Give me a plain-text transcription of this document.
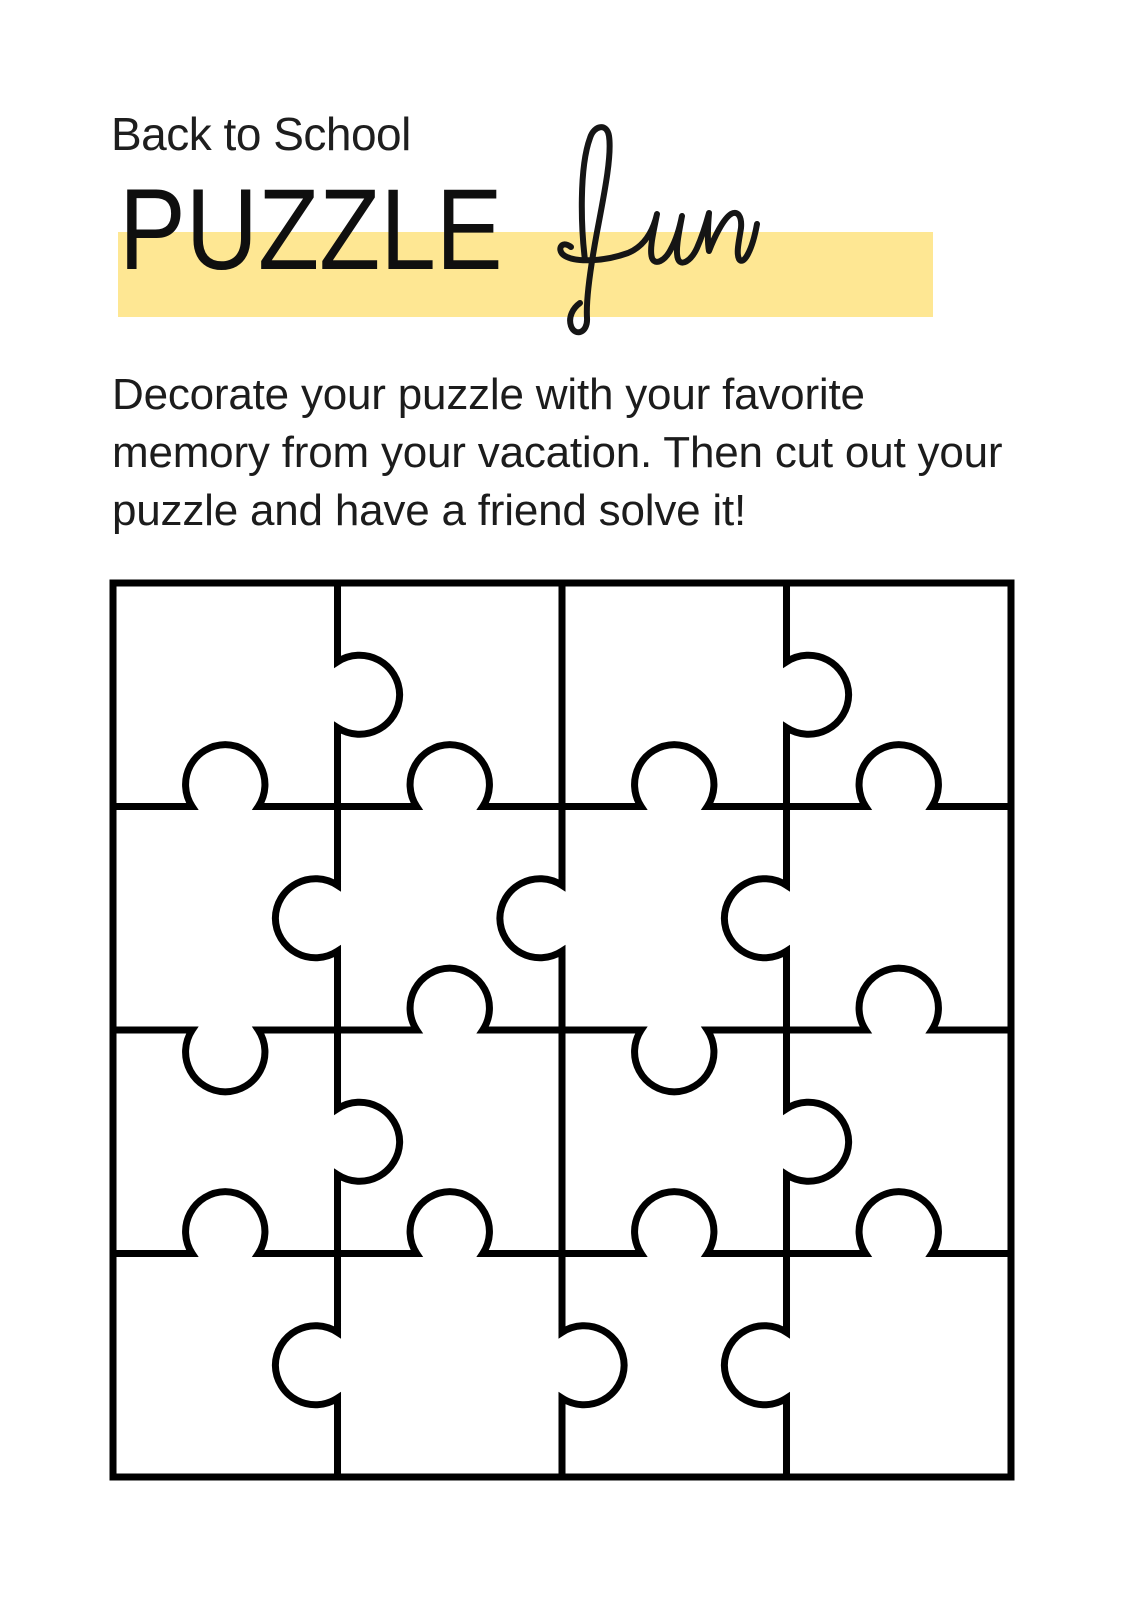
Back to School
PUZZLE

Decorate your puzzle with your favorite
memory from your vacation. Then cut out your
puzzle and have a friend solve it!
